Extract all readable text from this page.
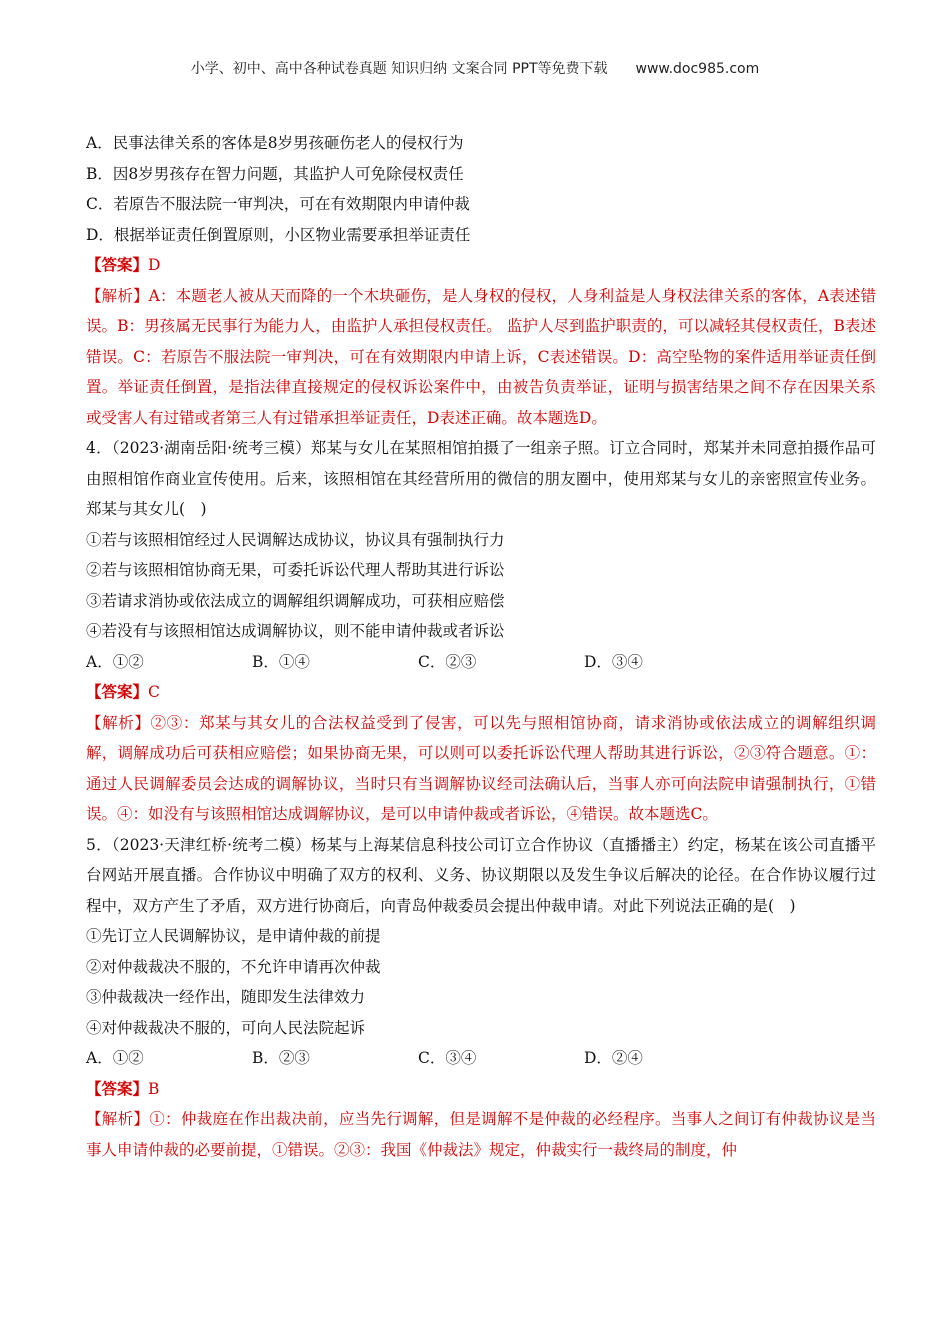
小学、初中、高中各种试卷真题 知识归纳 文案合同 PPT等免费下载 www.doc985.com
A．民事法律关系的客体是8岁男孩砸伤老人的侵权行为
B．因8岁男孩存在智力问题，其监护人可免除侵权责任
C．若原告不服法院一审判决，可在有效期限内申请仲裁
D．根据举证责任倒置原则，小区物业需要承担举证责任
【答案】D

【解析】A：本题老人被从天而降的一个木块砸伤，是人身权的侵权，人身利益是人身权法律关系的客体，A表述错误。B：男孩属无民事行为能力人，由监护人承担侵权责任。 监护人尽到监护职责的，可以减轻其侵权责任，B表述错误。C：若原告不服法院一审判决，可在有效期限内申请上诉，C表述错误。D：高空坠物的案件适用举证责任倒置。举证责任倒置，是指法律直接规定的侵权诉讼案件中，由被告负责举证，证明与损害结果之间不存在因果关系或受害人有过错或者第三人有过错承担举证责任，D表述正确。故本题选D。

4．（2023·湖南岳阳·统考三模）郑某与女儿在某照相馆拍摄了一组亲子照。订立合同时，郑某并未同意拍摄作品可由照相馆作商业宣传使用。后来，该照相馆在其经营所用的微信的朋友圈中，使用郑某与女儿的亲密照宣传业务。郑某与其女儿(　)

①若与该照相馆经过人民调解达成协议，协议具有强制执行力
②若与该照相馆协商无果，可委托诉讼代理人帮助其进行诉讼
③若请求消协或依法成立的调解组织调解成功，可获相应赔偿
④若没有与该照相馆达成调解协议，则不能申请仲裁或者诉讼
A．①②	B．①④	C．②③	D．③④
【答案】C

【解析】②③：郑某与其女儿的合法权益受到了侵害，可以先与照相馆协商，请求消协或依法成立的调解组织调解，调解成功后可获相应赔偿；如果协商无果，可以则可以委托诉讼代理人帮助其进行诉讼，②③符合题意。①：通过人民调解委员会达成的调解协议，当时只有当调解协议经司法确认后，当事人亦可向法院申请强制执行，①错误。④：如没有与该照相馆达成调解协议，是可以申请仲裁或者诉讼，④错误。故本题选C。

5．（2023·天津红桥·统考二模）杨某与上海某信息科技公司订立合作协议（直播播主）约定，杨某在该公司直播平台网站开展直播。合作协议中明确了双方的权利、义务、协议期限以及发生争议后解决的论径。在合作协议履行过程中，双方产生了矛盾，双方进行协商后，向青岛仲裁委员会提出仲裁申请。对此下列说法正确的是(　)

①先订立人民调解协议，是申请仲裁的前提
②对仲裁裁决不服的，不允许申请再次仲裁
③仲裁裁决一经作出，随即发生法律效力
④对仲裁裁决不服的，可向人民法院起诉
A．①②	B．②③	C．③④	D．②④
【答案】B

【解析】①：仲裁庭在作出裁决前，应当先行调解，但是调解不是仲裁的必经程序。当事人之间订有仲裁协议是当事人申请仲裁的必要前提，①错误。②③：我国《仲裁法》规定，仲裁实行一裁终局的制度，仲
